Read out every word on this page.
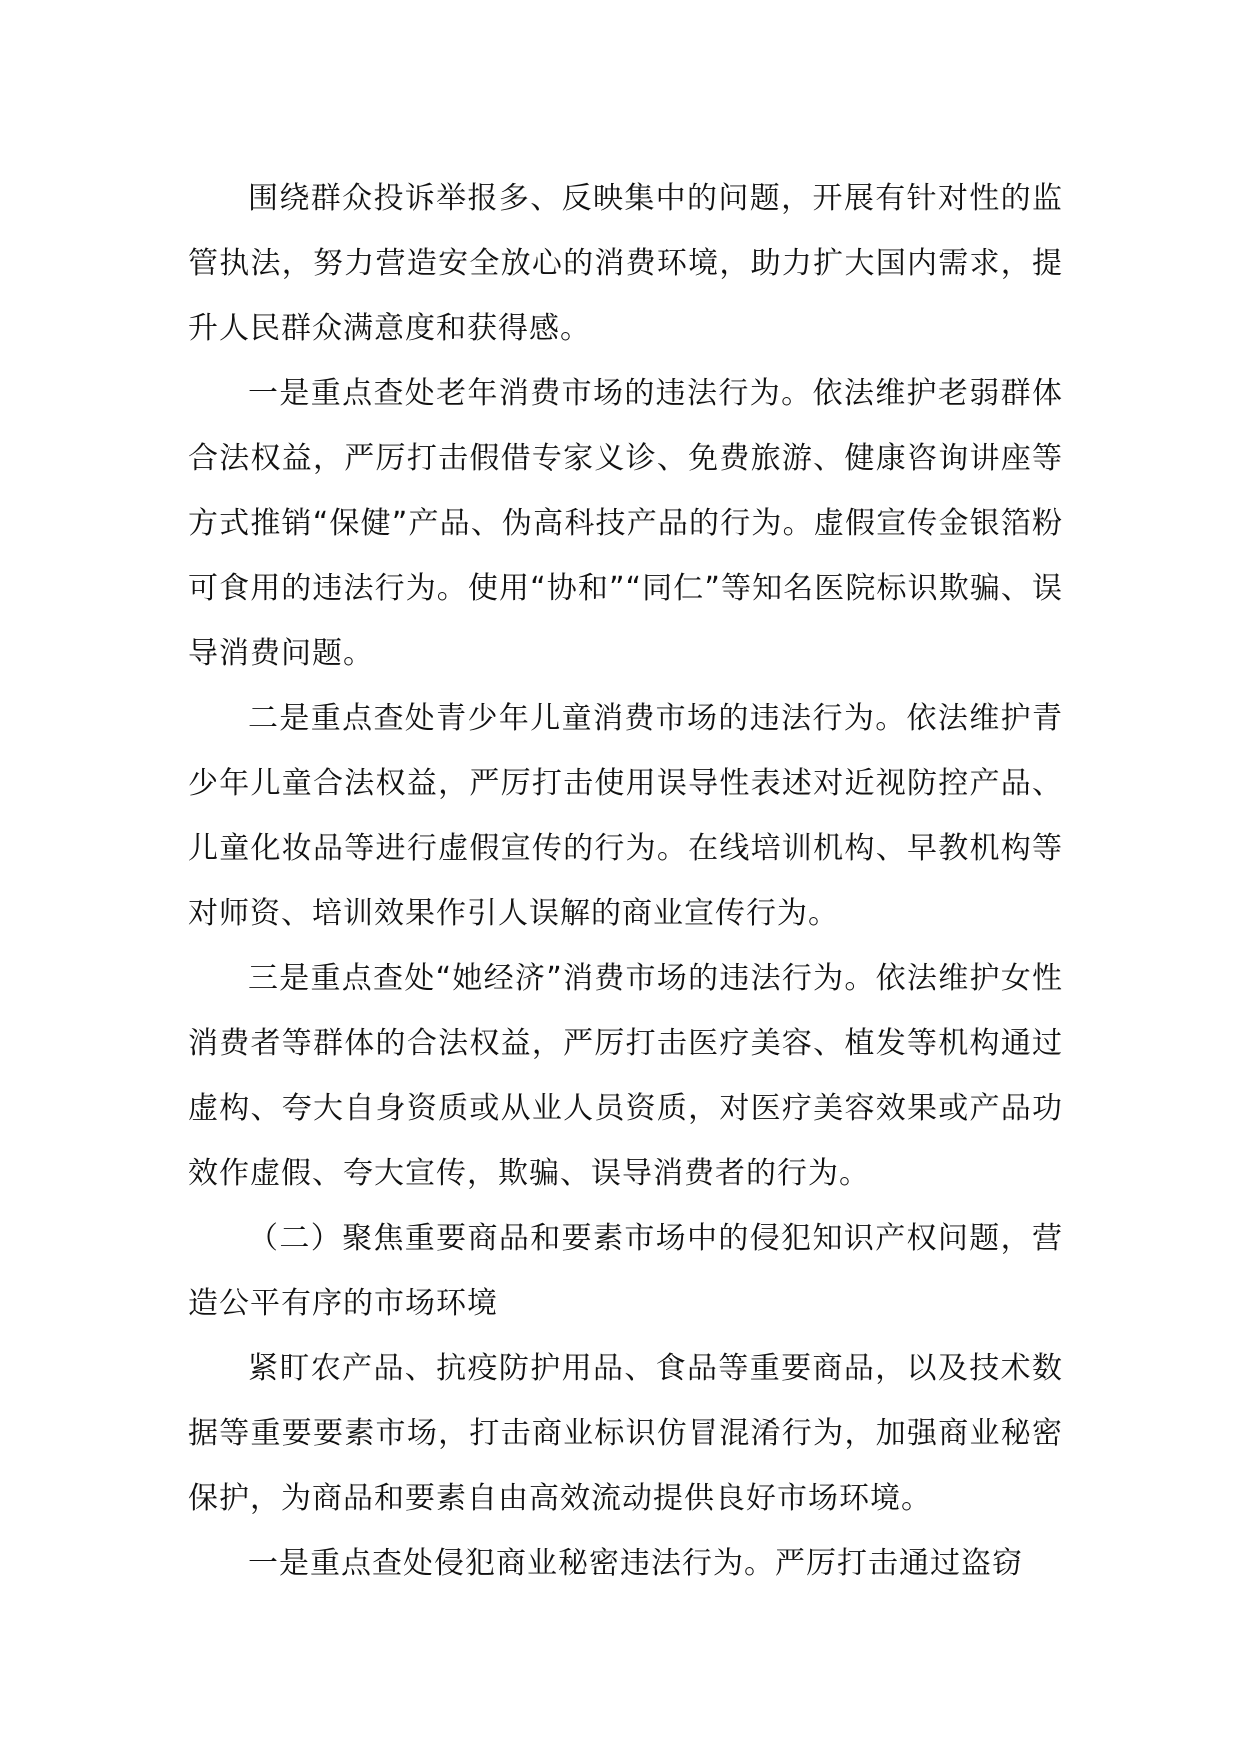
围绕群众投诉举报多、反映集中的问题，开展有针对性的监管执法，努力营造安全放心的消费环境，助力扩大国内需求，提升人民群众满意度和获得感。

一是重点查处老年消费市场的违法行为。依法维护老弱群体合法权益，严厉打击假借专家义诊、免费旅游、健康咨询讲座等方式推销“保健”产品、伪高科技产品的行为。虚假宣传金银箔粉可食用的违法行为。使用“协和”“同仁”等知名医院标识欺骗、误导消费问题。

二是重点查处青少年儿童消费市场的违法行为。依法维护青少年儿童合法权益，严厉打击使用误导性表述对近视防控产品、儿童化妆品等进行虚假宣传的行为。在线培训机构、早教机构等对师资、培训效果作引人误解的商业宣传行为。

三是重点查处“她经济”消费市场的违法行为。依法维护女性消费者等群体的合法权益，严厉打击医疗美容、植发等机构通过虚构、夸大自身资质或从业人员资质，对医疗美容效果或产品功效作虚假、夸大宣传，欺骗、误导消费者的行为。

（二）聚焦重要商品和要素市场中的侵犯知识产权问题，营造公平有序的市场环境

紧盯农产品、抗疫防护用品、食品等重要商品，以及技术数据等重要要素市场，打击商业标识仿冒混淆行为，加强商业秘密保护，为商品和要素自由高效流动提供良好市场环境。

一是重点查处侵犯商业秘密违法行为。严厉打击通过盗窃
